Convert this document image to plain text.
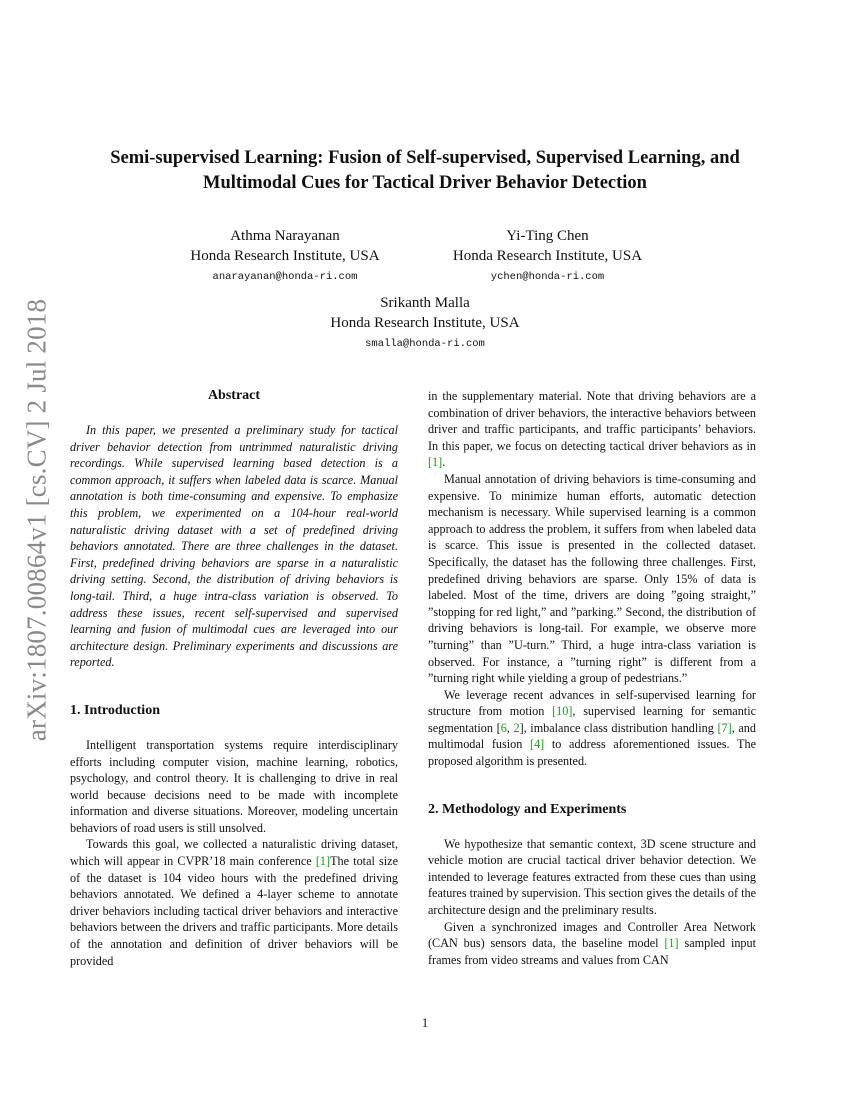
arXiv:1807.00864v1 [cs.CV] 2 Jul 2018
Semi-supervised Learning: Fusion of Self-supervised, Supervised Learning, and
Multimodal Cues for Tactical Driver Behavior Detection
Athma Narayanan
Honda Research Institute, USA
anarayanan@honda-ri.com
Yi-Ting Chen
Honda Research Institute, USA
ychen@honda-ri.com
Srikanth Malla
Honda Research Institute, USA
smalla@honda-ri.com
Abstract

In this paper, we presented a preliminary study for tactical driver behavior detection from untrimmed naturalistic driving recordings. While supervised learning based detection is a common approach, it suffers when labeled data is scarce. Manual annotation is both time-consuming and expensive. To emphasize this problem, we experimented on a 104-hour real-world naturalistic driving dataset with a set of predefined driving behaviors annotated. There are three challenges in the dataset. First, predefined driving behaviors are sparse in a naturalistic driving setting. Second, the distribution of driving behaviors is long-tail. Third, a huge intra-class variation is observed. To address these issues, recent self-supervised and supervised learning and fusion of multimodal cues are leveraged into our architecture design. Preliminary experiments and discussions are reported.

1. Introduction

Intelligent transportation systems require interdisciplinary efforts including computer vision, machine learning, robotics, psychology, and control theory. It is challenging to drive in real world because decisions need to be made with incomplete information and diverse situations. Moreover, modeling uncertain behaviors of road users is still unsolved.

Towards this goal, we collected a naturalistic driving dataset, which will appear in CVPR’18 main conference [1]The total size of the dataset is 104 video hours with the predefined driving behaviors annotated. We defined a 4-layer scheme to annotate driver behaviors including tactical driver behaviors and interactive behaviors between the drivers and traffic participants. More details of the annotation and definition of driver behaviors will be provided

in the supplementary material. Note that driving behaviors are a combination of driver behaviors, the interactive behaviors between driver and traffic participants, and traffic participants’ behaviors. In this paper, we focus on detecting tactical driver behaviors as in [1].

Manual annotation of driving behaviors is time-consuming and expensive. To minimize human efforts, automatic detection mechanism is necessary. While supervised learning is a common approach to address the problem, it suffers from when labeled data is scarce. This issue is presented in the collected dataset. Specifically, the dataset has the following three challenges. First, predefined driving behaviors are sparse. Only 15% of data is labeled. Most of the time, drivers are doing ”going straight,” ”stopping for red light,” and ”parking.” Second, the distribution of driving behaviors is long-tail. For example, we observe more ”turning” than ”U-turn.” Third, a huge intra-class variation is observed. For instance, a ”turning right” is different from a ”turning right while yielding a group of pedestrians.”

We leverage recent advances in self-supervised learning for structure from motion [10], supervised learning for semantic segmentation [6, 2], imbalance class distribution handling [7], and multimodal fusion [4] to address aforementioned issues. The proposed algorithm is presented.

2. Methodology and Experiments

We hypothesize that semantic context, 3D scene structure and vehicle motion are crucial tactical driver behavior detection. We intended to leverage features extracted from these cues than using features trained by supervision. This section gives the details of the architecture design and the preliminary results.

Given a synchronized images and Controller Area Network (CAN bus) sensors data, the baseline model [1] sampled input frames from video streams and values from CAN

1
